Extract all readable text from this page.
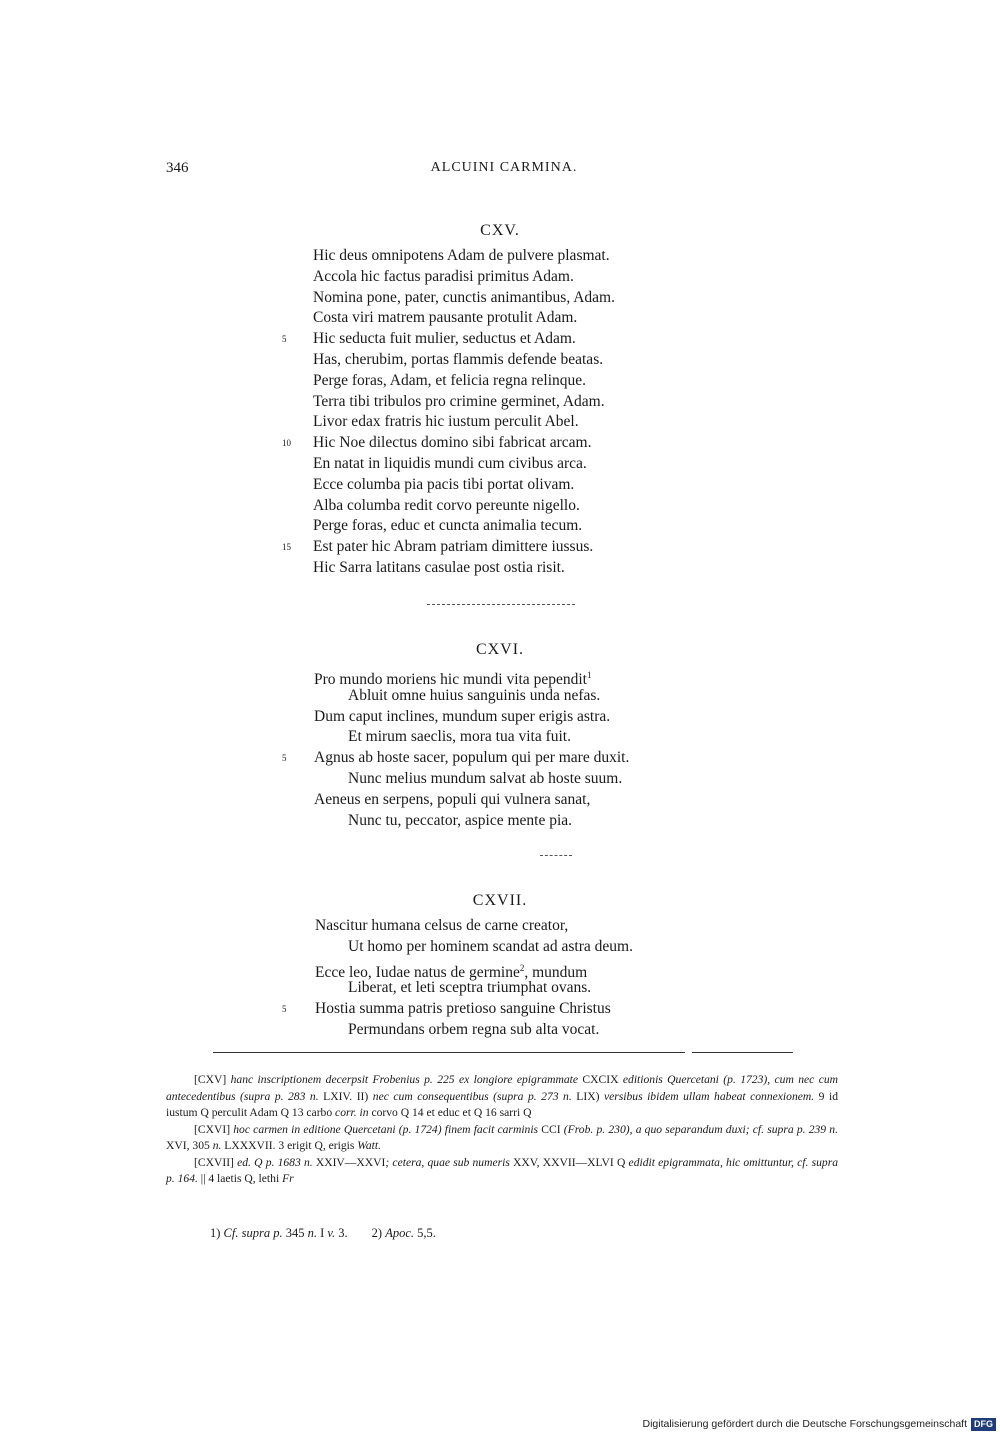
346	ALCUINI CARMINA.
CXV.
Hic deus omnipotens Adam de pulvere plasmat.
Accola hic factus paradisi primitus Adam.
Nomina pone, pater, cunctis animantibus, Adam.
Costa viri matrem pausante protulit Adam.
Hic seducta fuit mulier, seductus et Adam.
5
Has, cherubim, portas flammis defende beatas.
Perge foras, Adam, et felicia regna relinque.
Terra tibi tribulos pro crimine germinet, Adam.
Livor edax fratris hic iustum perculit Abel.
Hic Noe dilectus domino sibi fabricat arcam.
10
En natat in liquidis mundi cum civibus arca.
Ecce columba pia pacis tibi portat olivam.
Alba columba redit corvo pereunte nigello.
Perge foras, educ et cuncta animalia tecum.
Est pater hic Abram patriam dimittere iussus.
15
Hic Sarra latitans casulae post ostia risit.
CXVI.
Pro mundo moriens hic mundi vita pependit$^1$
Abluit omne huius sanguinis unda nefas.
Dum caput inclines, mundum super erigis astra.
Et mirum saeclis, mora tua vita fuit.
Agnus ab hoste sacer, populum qui per mare duxit.
5
Nunc melius mundum salvat ab hoste suum.
Aeneus en serpens, populi qui vulnera sanat,
Nunc tu, peccator, aspice mente pia.
CXVII.
Nascitur humana celsus de carne creator,
Ut homo per hominem scandat ad astra deum.
Ecce leo, Iudae natus de germine$^2$, mundum
Liberat, et leti sceptra triumphat ovans.
Hostia summa patris pretioso sanguine Christus
5
Permundans orbem regna sub alta vocat.

[CXV] hanc inscriptionem decerpsit Frobenius p. 225 ex longiore epigrammate CXCIX editionis Quercetani (p. 1723), cum nec cum antecedentibus (supra p. 283 n. LXIV. II) nec cum consequentibus (supra p. 273 n. LIX) versibus ibidem ullam habeat connexionem. 9 id iustum Q perculit Adam Q 13 carbo corr. in corvo Q 14 et educ et Q 16 sarri Q

[CXVI] hoc carmen in editione Quercetani (p. 1724) finem facit carminis CCI (Frob. p. 230), a quo separandum duxi; cf. supra p. 239 n. XVI, 305 n. LXXXVII. 3 erigit Q, erigis Watt.

[CXVII] ed. Q p. 1683 n. XXIV—XXVI; cetera, quae sub numeris XXV, XXVII—XLVI Q edidit epigrammata, hic omittuntur, cf. supra p. 164. || 4 laetis Q, lethi Fr

1) Cf. supra p. 345 n. I v. 3. 2) Apoc. 5,5.
Digitalisierung gefördert durch die Deutsche Forschungsgemeinschaft DFG
